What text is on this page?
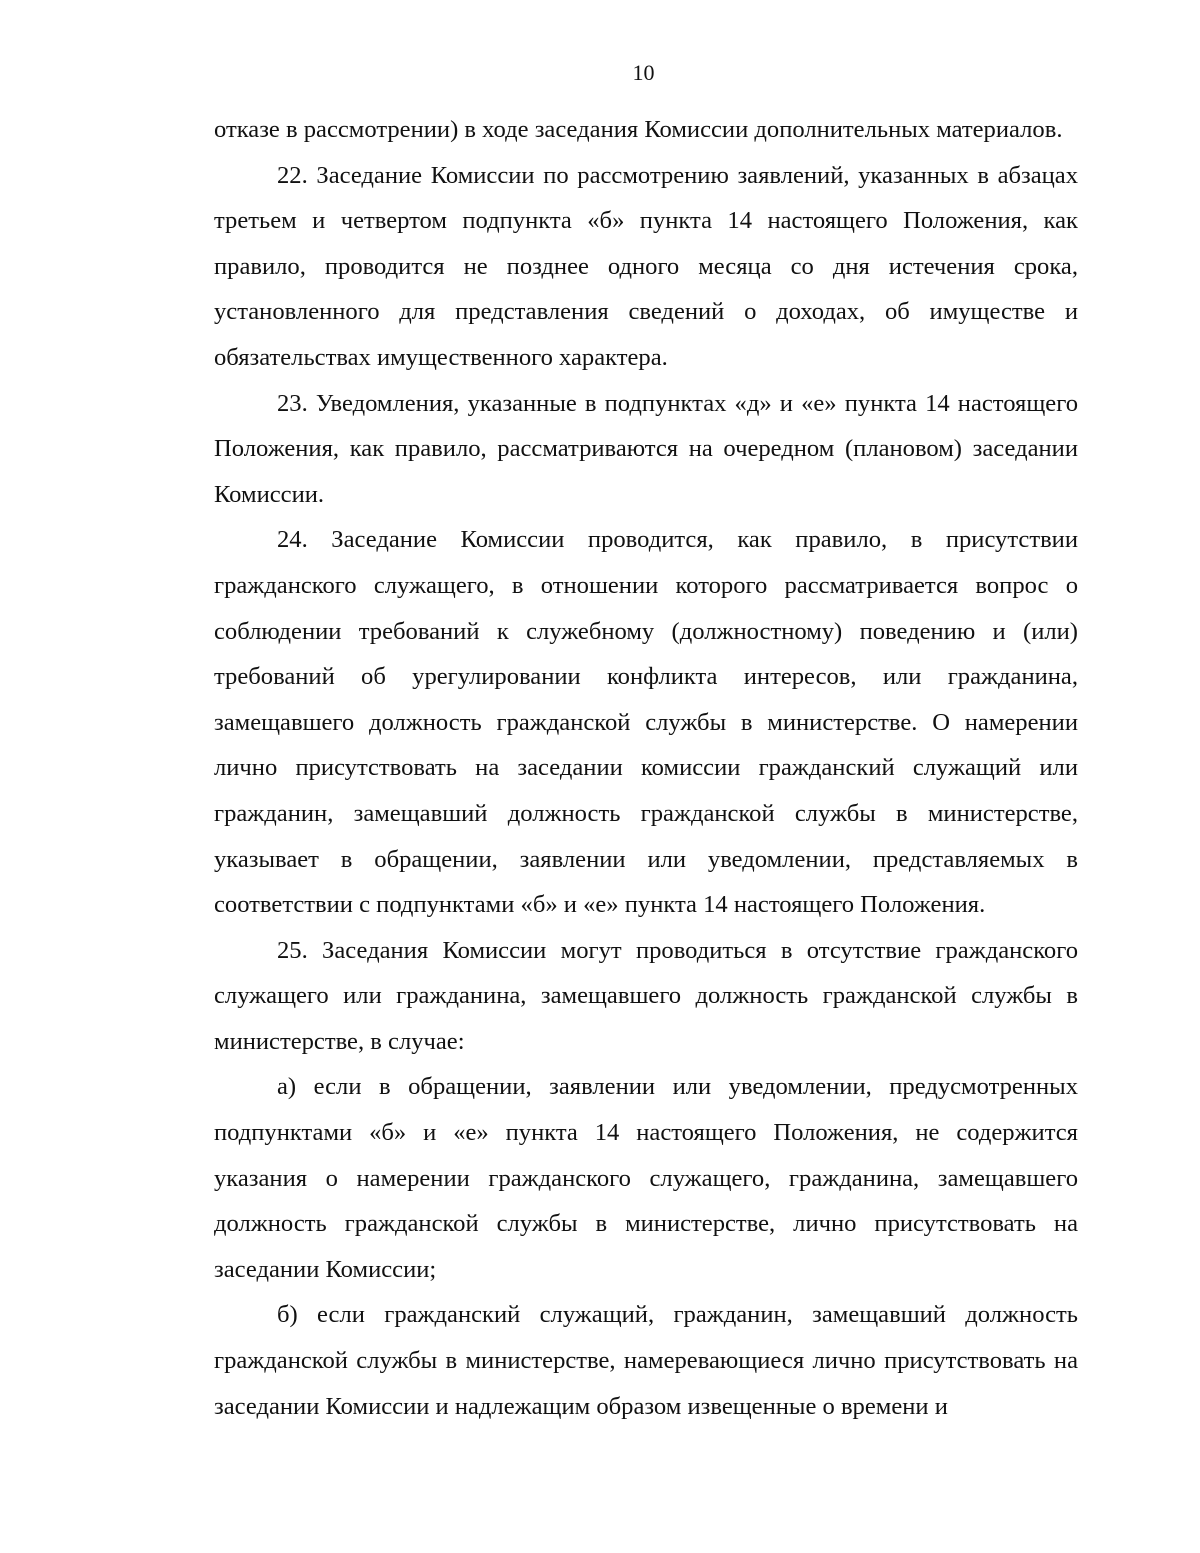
10

отказе в рассмотрении) в ходе заседания Комиссии дополнительных материалов.

22. Заседание Комиссии по рассмотрению заявлений, указанных в абзацах третьем и четвертом подпункта «б» пункта 14 настоящего Положения, как правило, проводится не позднее одного месяца со дня истечения срока, установленного для представления сведений о доходах, об имуществе и обязательствах имущественного характера.

23. Уведомления, указанные в подпунктах «д» и «е» пункта 14 настоящего Положения, как правило, рассматриваются на очередном (плановом) заседании Комиссии.

24. Заседание Комиссии проводится, как правило, в присутствии гражданского служащего, в отношении которого рассматривается вопрос о соблюдении требований к служебному (должностному) поведению и (или) требований об урегулировании конфликта интересов, или гражданина, замещавшего должность гражданской службы в министерстве. О намерении лично присутствовать на заседании комиссии гражданский служащий или гражданин, замещавший должность гражданской службы в министерстве, указывает в обращении, заявлении или уведомлении, представляемых в соответствии с подпунктами «б» и «е» пункта 14 настоящего Положения.

25. Заседания Комиссии могут проводиться в отсутствие гражданского служащего или гражданина, замещавшего должность гражданской службы в министерстве, в случае:

а) если в обращении, заявлении или уведомлении, предусмотренных подпунктами «б» и «е» пункта 14 настоящего Положения, не содержится указания о намерении гражданского служащего, гражданина, замещавшего должность гражданской службы в министерстве, лично присутствовать на заседании Комиссии;

б) если гражданский служащий, гражданин, замещавший должность гражданской службы в министерстве, намеревающиеся лично присутствовать на заседании Комиссии и надлежащим образом извещенные о времени и
